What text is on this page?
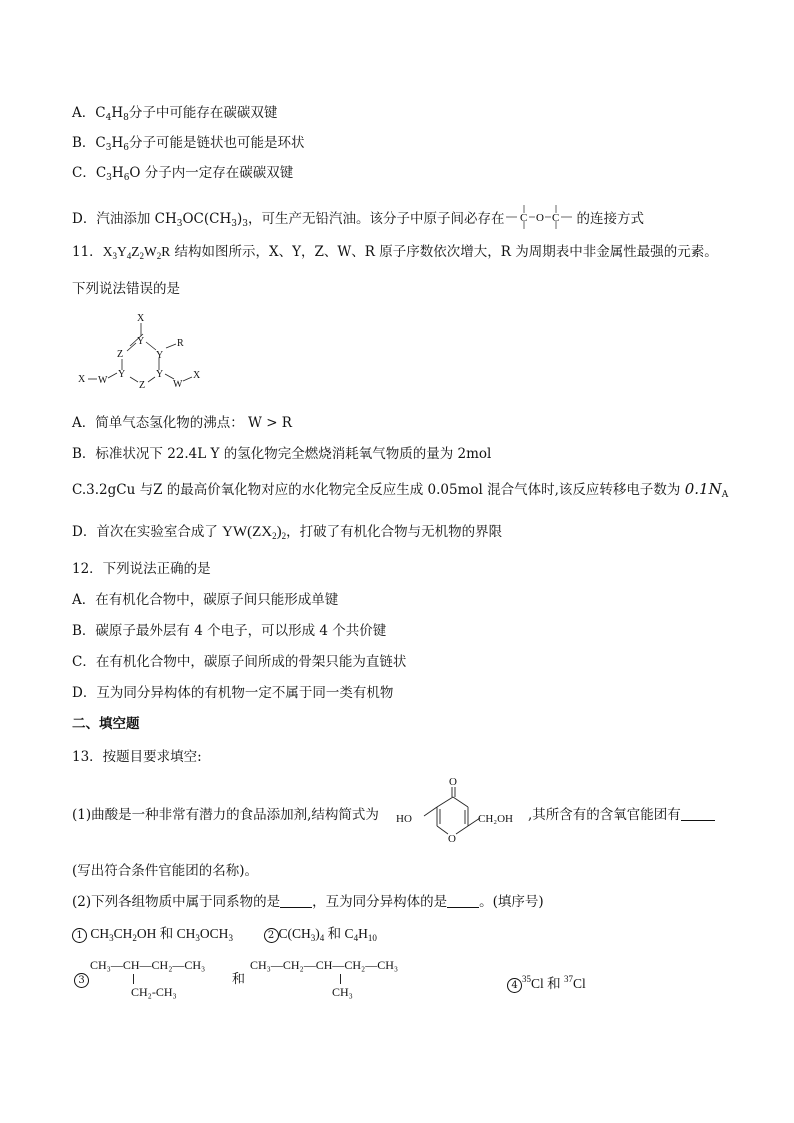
A．$C_4H_8$分子中可能存在碳碳双键
B．$C_3H_6$分子可能是链状也可能是环状
C．$C_3H_6O$ 分子内一定存在碳碳双键
D．汽油添加 $CH_3OC(CH_3)_3$，可生产无铅汽油。该分子中原子间必存在 C O C 的连接方式
11．$X_3Y_4Z_2W_2R$ 结构如图所示，X、Y，Z、W、R 原子序数依次增大，R 为周期表中非金属性最强的元素。
下列说法错误的是
X
Y
Y
R
Z
Y	Y
Z
W
X	W
X
A．简单气态氢化物的沸点： W > R
B．标准状况下 22.4L Y 的氢化物完全燃烧消耗氧气物质的量为 2mol
C.3.2gCu 与Z 的最高价氧化物对应的水化物完全反应生成 0.05mol 混合气体时,该反应转移电子数为 $0.1N_A$
D．首次在实验室合成了 $YW(ZX_2)_2$，打破了有机化合物与无机物的界限
12．下列说法正确的是
A．在有机化合物中，碳原子间只能形成单键
B．碳原子最外层有 4 个电子，可以形成 4 个共价键
C．在有机化合物中，碳原子间所成的骨架只能为直链状
D．互为同分异构体的有机物一定不属于同一类有机物
二、填空题
13．按题目要求填空:
(1)曲酸是一种非常有潜力的食品添加剂,结构简式为
O
HO	CH₂OH
O
,其所含有的含氧官能团有
(写出符合条件官能团的名称)。
(2)下列各组物质中属于同系物的是 ，互为同分异构体的是 。(填序号)
1 $CH_3CH_2OH$ 和 $CH_3OCH_3$	2 $C(CH_3)_4$ 和 $C_4H_{10}$
3
CH₃—CH—CH₂—CH₃
CH₂-CH₃
和
CH₃—CH₂—CH—CH₂—CH₃
CH₃	$4^{35}Cl$ 和 $^{37}$Cl
